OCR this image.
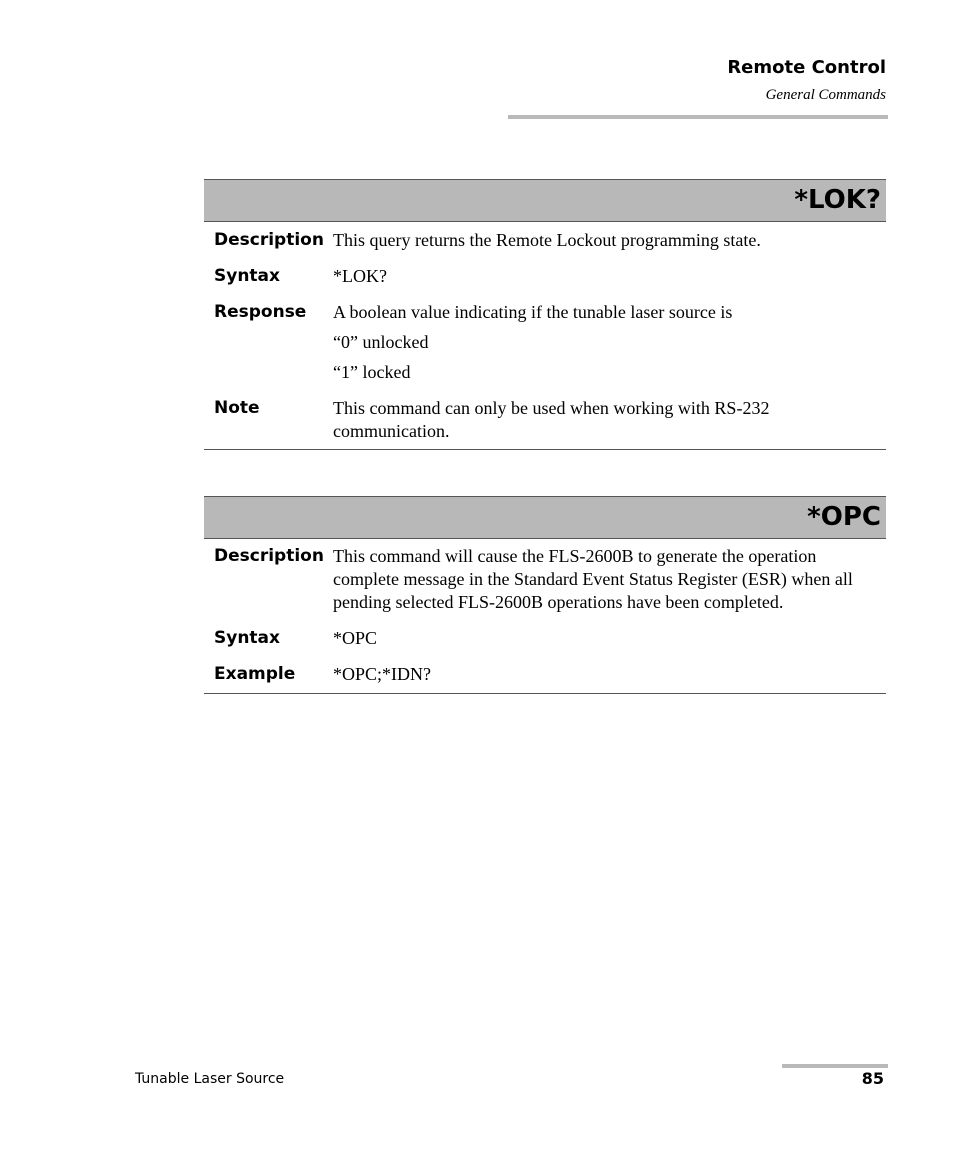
Remote Control
General Commands
*LOK?
Description	This query returns the Remote Lockout programming state.
Syntax	*LOK?
Response	A boolean value indicating if the tunable laser source is
“0” unlocked
“1” locked

Note	This command can only be used when working with RS-232 communication.
*OPC
Description	This command will cause the FLS-2600B to generate the operation complete message in the Standard Event Status Register (ESR) when all pending selected FLS-2600B operations have been completed.
Syntax	*OPC
Example	*OPC;*IDN?
Tunable Laser Source	85
